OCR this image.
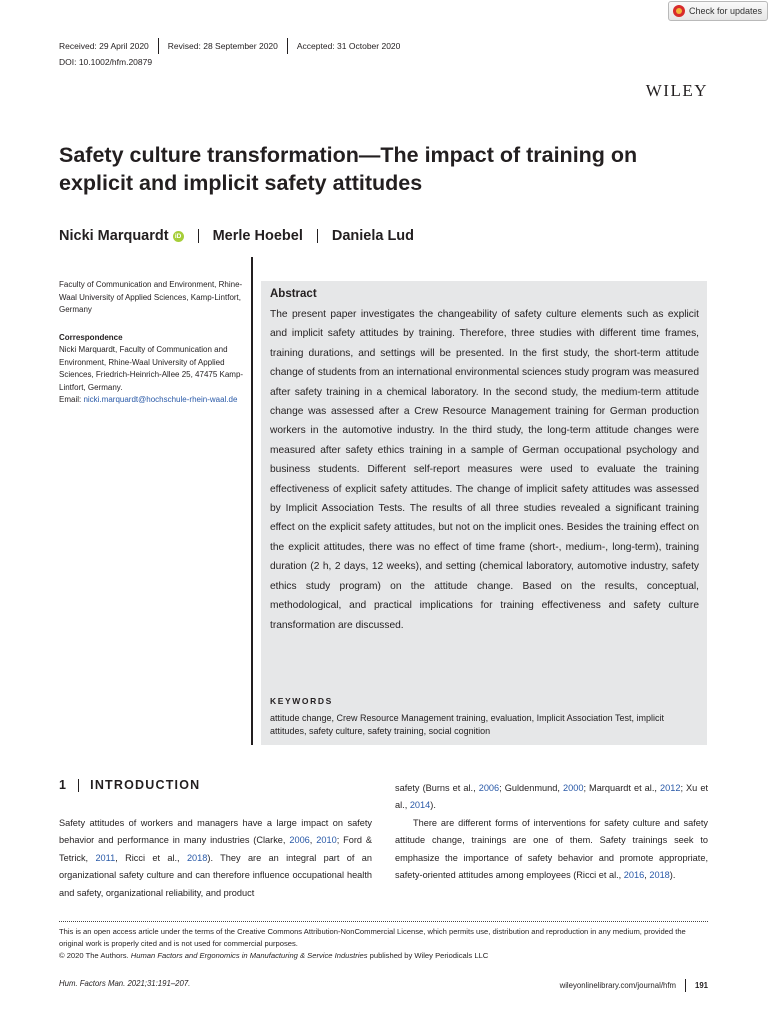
Check for updates
Received: 29 April 2020 Revised: 28 September 2020 Accepted: 31 October 2020
DOI: 10.1002/hfm.20879
WILEY
Safety culture transformation—The impact of training on explicit and implicit safety attitudes
Nicki Marquardt iD Merle Hoebel Daniela Lud

Faculty of Communication and Environment, Rhine-Waal University of Applied Sciences, Kamp-Lintfort, Germany

Correspondence

Nicki Marquardt, Faculty of Communication and Environment, Rhine-Waal University of Applied Sciences, Friedrich-Heinrich-Allee 25, 47475 Kamp-Lintfort, Germany.

Email: nicki.marquardt@hochschule-rhein-waal.de

Abstract
The present paper investigates the changeability of safety culture elements such as explicit and implicit safety attitudes by training. Therefore, three studies with different time frames, training durations, and settings will be presented. In the first study, the short-term attitude change of students from an international environmental sciences study program was measured after safety training in a chemical laboratory. In the second study, the medium-term attitude change was assessed after a Crew Resource Management training for German production workers in the automotive industry. In the third study, the long-term attitude changes were measured after safety ethics training in a sample of German occupational psychology and business students. Different self-report measures were used to evaluate the training effectiveness of explicit safety attitudes. The change of implicit safety attitudes was assessed by Implicit Association Tests. The results of all three studies revealed a significant training effect on the explicit safety attitudes, but not on the implicit ones. Besides the training effect on the explicit attitudes, there was no effect of time frame (short-, medium-, long-term), training duration (2 h, 2 days, 12 weeks), and setting (chemical laboratory, automotive industry, safety ethics study program) on the attitude change. Based on the results, conceptual, methodological, and practical implications for training effectiveness and safety culture transformation are discussed.
KEYWORDS
attitude change, Crew Resource Management training, evaluation, Implicit Association Test, implicit attitudes, safety culture, safety training, social cognition
1 INTRODUCTION
Safety attitudes of workers and managers have a large impact on safety behavior and performance in many industries (Clarke, 2006, 2010; Ford & Tetrick, 2011, Ricci et al., 2018). They are an integral part of an organizational safety culture and can therefore influence occupational health and safety, organizational reliability, and product

safety (Burns et al., 2006; Guldenmund, 2000; Marquardt et al., 2012; Xu et al., 2014).

There are different forms of interventions for safety culture and safety attitude change, trainings are one of them. Safety trainings seek to emphasize the importance of safety behavior and promote appropriate, safety-oriented attitudes among employees (Ricci et al., 2016, 2018).

This is an open access article under the terms of the Creative Commons Attribution-NonCommercial License, which permits use, distribution and reproduction in any medium, provided the original work is properly cited and is not used for commercial purposes.

© 2020 The Authors. Human Factors and Ergonomics in Manufacturing & Service Industries published by Wiley Periodicals LLC

Hum. Factors Man. 2021;31:191–207.	wileyonlinelibrary.com/journal/hfm 191
